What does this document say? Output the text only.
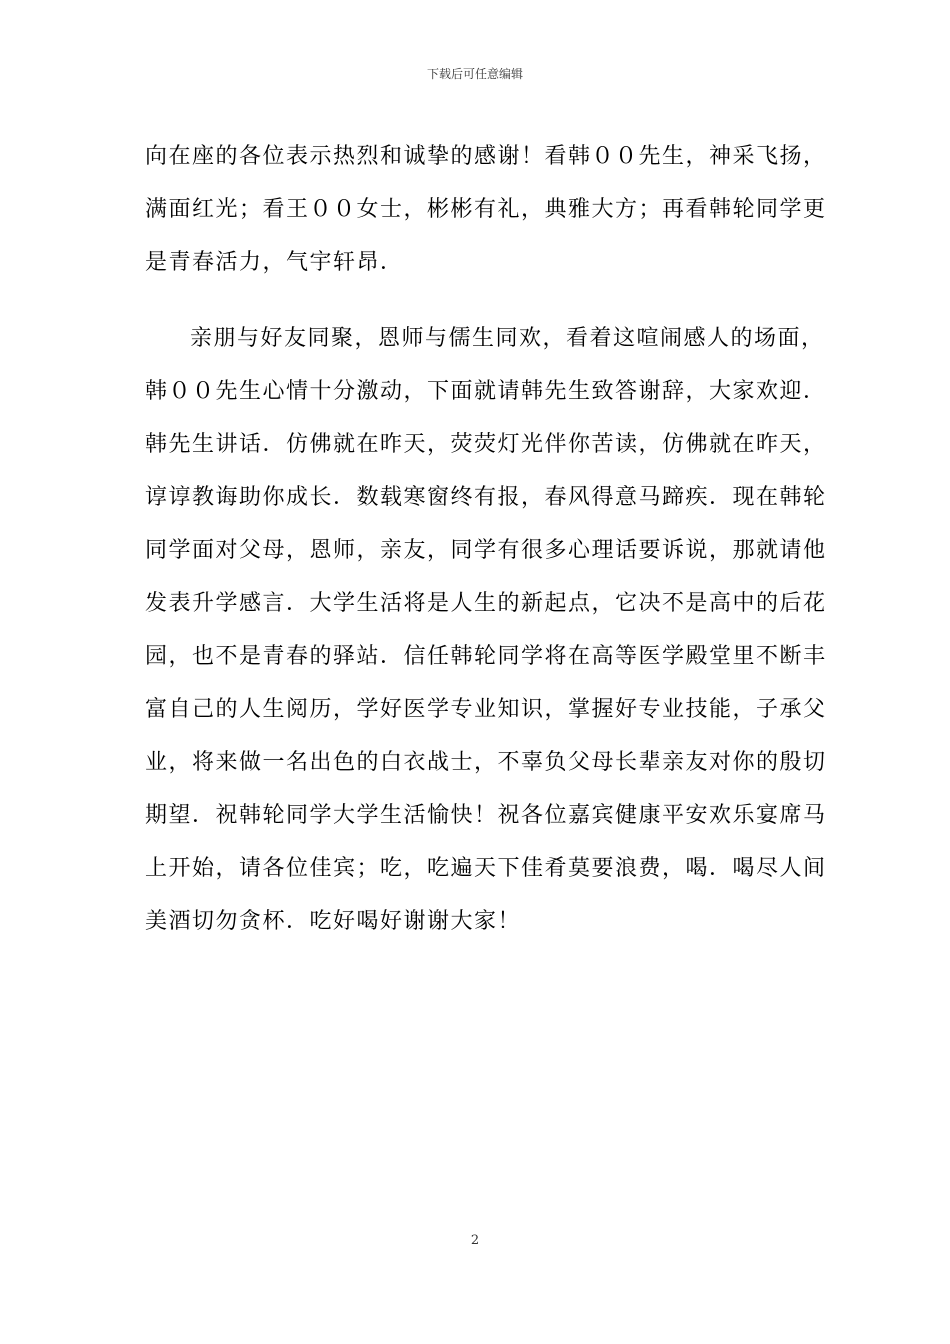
下载后可任意编辑
向在座的各位表示热烈和诚挚的感谢！看韩００先生，神采飞扬，
满面红光；看王００女士，彬彬有礼，典雅大方；再看韩轮同学更
是青春活力，气宇轩昂．
亲朋与好友同聚，恩师与儒生同欢，看着这喧闹感人的场面，
韩００先生心情十分激动，下面就请韩先生致答谢辞，大家欢迎．
韩先生讲话．仿佛就在昨天，荧荧灯光伴你苦读，仿佛就在昨天，
谆谆教诲助你成长．数载寒窗终有报，春风得意马蹄疾．现在韩轮
同学面对父母，恩师，亲友，同学有很多心理话要诉说，那就请他
发表升学感言．大学生活将是人生的新起点，它决不是高中的后花
园，也不是青春的驿站．信任韩轮同学将在高等医学殿堂里不断丰
富自己的人生阅历，学好医学专业知识，掌握好专业技能，子承父
业，将来做一名出色的白衣战士，不辜负父母长辈亲友对你的殷切
期望．祝韩轮同学大学生活愉快！祝各位嘉宾健康平安欢乐宴席马
上开始，请各位佳宾；吃，吃遍天下佳肴莫要浪费，喝．喝尽人间
美酒切勿贪杯．吃好喝好谢谢大家！
2
